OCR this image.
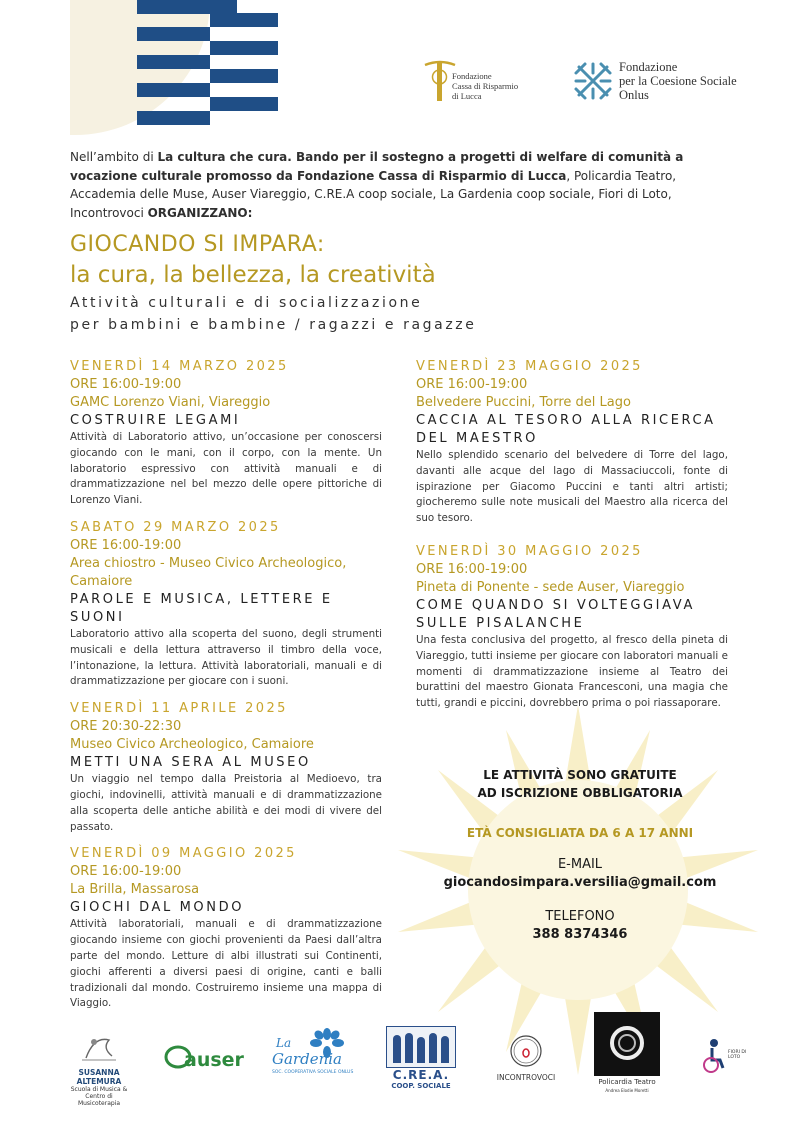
Fondazione
Cassa di Risparmio
di Lucca
Fondazione
per la Coesione Sociale
Onlus
Nell’ambito di La cultura che cura. Bando per il sostegno a progetti di welfare di comunità a vocazione culturale promosso da Fondazione Cassa di Risparmio di Lucca, Policardia Teatro, Accademia delle Muse, Auser Viareggio, C.RE.A coop sociale, La Gardenia coop sociale, Fiori di Loto, Incontrovoci ORGANIZZANO:
GIOCANDO SI IMPARA:
la cura, la bellezza, la creatività
Attività culturali e di socializzazione
per bambini e bambine / ragazzi e ragazze
VENERDÌ 14 MARZO 2025
ORE 16:00-19:00
GAMC Lorenzo Viani, Viareggio
COSTRUIRE LEGAMI
Attività di Laboratorio attivo, un’occasione per conoscersi giocando con le mani, con il corpo, con la mente. Un laboratorio espressivo con attività manuali e di drammatizzazione nel bel mezzo delle opere pittoriche di Lorenzo Viani.
SABATO 29 MARZO 2025
ORE 16:00-19:00
Area chiostro - Museo Civico Archeologico, Camaiore
PAROLE E MUSICA, LETTERE E SUONI
Laboratorio attivo alla scoperta del suono, degli strumenti musicali e della lettura attraverso il timbro della voce, l’intonazione, la lettura. Attività laboratoriali, manuali e di drammatizzazione per giocare con i suoni.
VENERDÌ 11 APRILE 2025
ORE 20:30-22:30
Museo Civico Archeologico, Camaiore
METTI UNA SERA AL MUSEO
Un viaggio nel tempo dalla Preistoria al Medioevo, tra giochi, indovinelli, attività manuali e di drammatizzazione alla scoperta delle antiche abilità e dei modi di vivere del passato.
VENERDÌ 09 MAGGIO 2025
ORE 16:00-19:00
La Brilla, Massarosa
GIOCHI DAL MONDO
Attività laboratoriali, manuali e di drammatizzazione giocando insieme con giochi provenienti da Paesi dall’altra parte del mondo. Letture di albi illustrati sui Continenti, giochi afferenti a diversi paesi di origine, canti e balli tradizionali dal mondo. Costruiremo insieme una mappa di Viaggio.
VENERDÌ 23 MAGGIO 2025
ORE 16:00-19:00
Belvedere Puccini, Torre del Lago
CACCIA AL TESORO ALLA RICERCA DEL MAESTRO
Nello splendido scenario del belvedere di Torre del lago, davanti alle acque del lago di Massaciuccoli, fonte di ispirazione per Giacomo Puccini e tanti altri artisti; giocheremo sulle note musicali del Maestro alla ricerca del suo tesoro.
VENERDÌ 30 MAGGIO 2025
ORE 16:00-19:00
Pineta di Ponente - sede Auser, Viareggio
COME QUANDO SI VOLTEGGIAVA SULLE PISALANCHE
Una festa conclusiva del progetto, al fresco della pineta di Viareggio, tutti insieme per giocare con laboratori manuali e momenti di drammatizzazione insieme al Teatro dei burattini del maestro Gionata Francesconi, una magia che tutti, grandi e piccini, dovrebbero prima o poi riassaporare.
LE ATTIVITÀ SONO GRATUITE
AD ISCRIZIONE OBBLIGATORIA
ETÀ CONSIGLIATA DA 6 A 17 ANNI
E-MAIL
giocandosimpara.versilia@gmail.com
TELEFONO
388 8374346
SUSANNA ALTEMURA
Scuola di Musica &
Centro di Musicoterapia
auser
La
Gardenia
SOC. COOPERATIVA SOCIALE ONLUS	C.RE.A.
COOP. SOCIALE
INCONTROVOCI	Policardia Teatro
Andrea Elodie Moretti
FIORI DI LOTO
